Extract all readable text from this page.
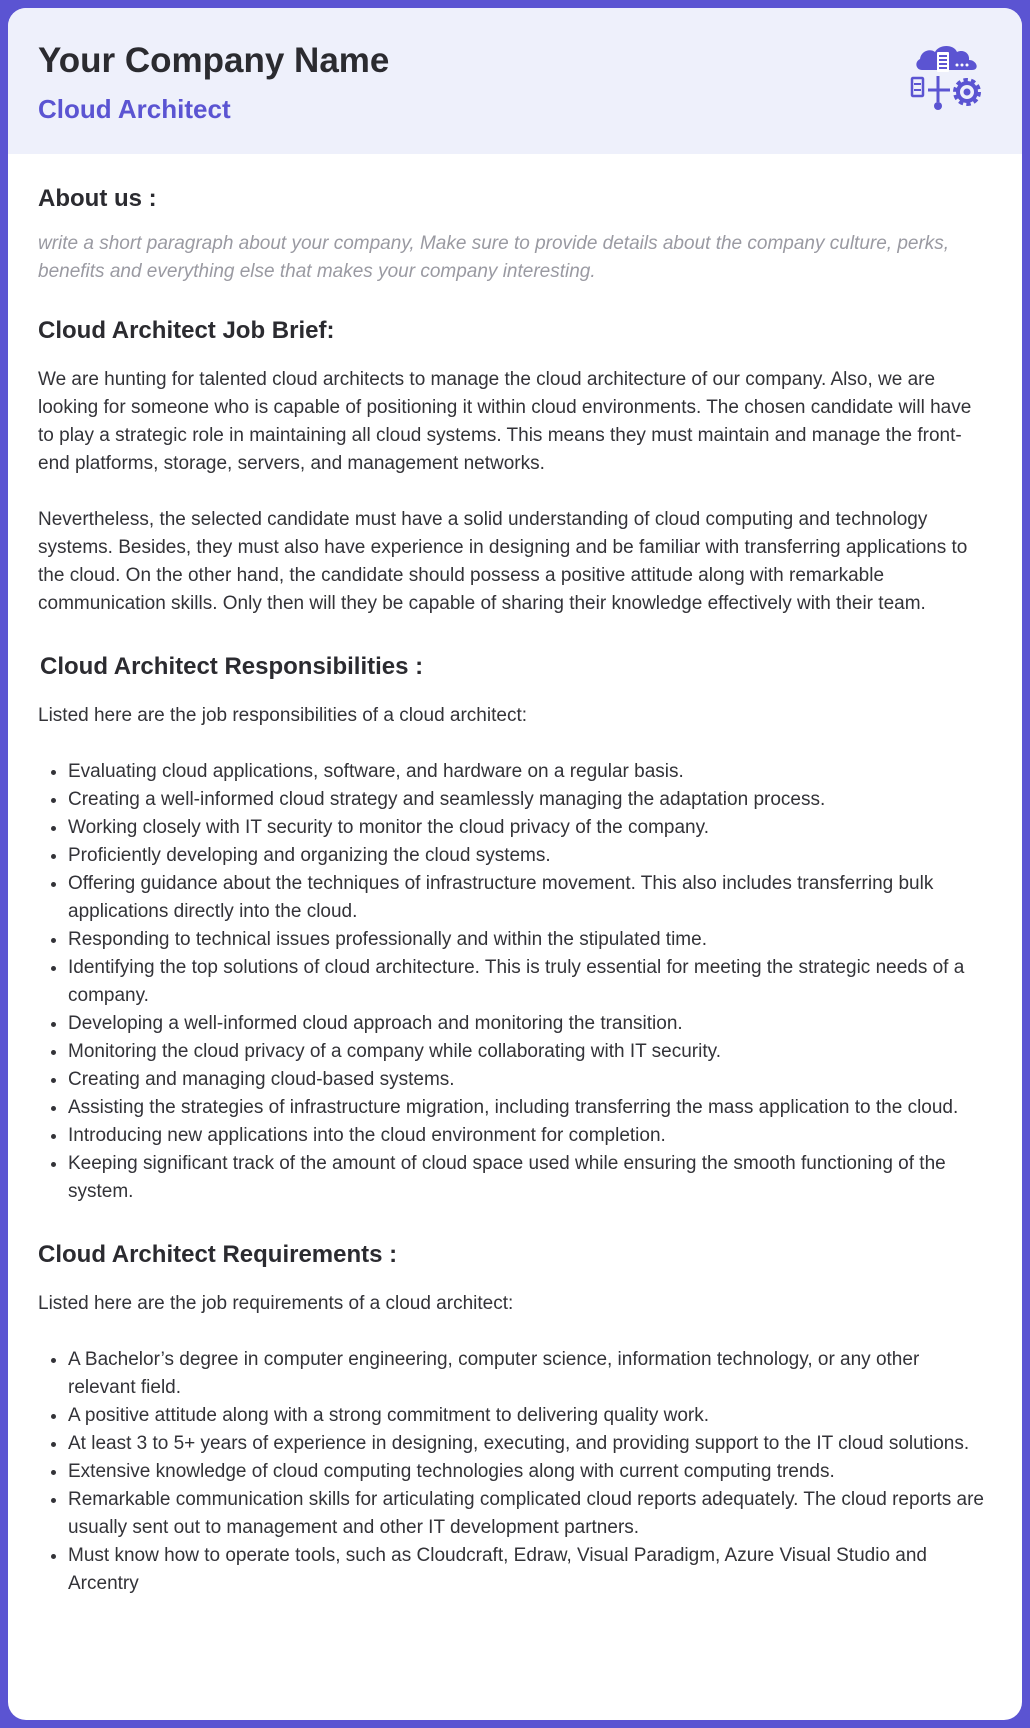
Your Company Name
Cloud Architect
About us :

write a short paragraph about your company, Make sure to provide details about the company culture, perks, benefits and everything else that makes your company interesting.

Cloud Architect Job Brief:

We are hunting for talented cloud architects to manage the cloud architecture of our company. Also, we are looking for someone who is capable of positioning it within cloud environments. The chosen candidate will have to play a strategic role in maintaining all cloud systems. This means they must maintain and manage the front-end platforms, storage, servers, and management networks.

Nevertheless, the selected candidate must have a solid understanding of cloud computing and technology systems. Besides, they must also have experience in designing and be familiar with transferring applications to the cloud. On the other hand, the candidate should possess a positive attitude along with remarkable communication skills. Only then will they be capable of sharing their knowledge effectively with their team.

Cloud Architect Responsibilities :

Listed here are the job responsibilities of a cloud architect:

• Evaluating cloud applications, software, and hardware on a regular basis.
• Creating a well-informed cloud strategy and seamlessly managing the adaptation process.
• Working closely with IT security to monitor the cloud privacy of the company.
• Proficiently developing and organizing the cloud systems.
• Offering guidance about the techniques of infrastructure movement. This also includes transferring bulk applications directly into the cloud.
• Responding to technical issues professionally and within the stipulated time.
• Identifying the top solutions of cloud architecture. This is truly essential for meeting the strategic needs of a company.
• Developing a well-informed cloud approach and monitoring the transition.
• Monitoring the cloud privacy of a company while collaborating with IT security.
• Creating and managing cloud-based systems.
• Assisting the strategies of infrastructure migration, including transferring the mass application to the cloud.
• Introducing new applications into the cloud environment for completion.
• Keeping significant track of the amount of cloud space used while ensuring the smooth functioning of the system.
Cloud Architect Requirements :

Listed here are the job requirements of a cloud architect:

• A Bachelor’s degree in computer engineering, computer science, information technology, or any other relevant field.
• A positive attitude along with a strong commitment to delivering quality work.
• At least 3 to 5+ years of experience in designing, executing, and providing support to the IT cloud solutions.
• Extensive knowledge of cloud computing technologies along with current computing trends.
• Remarkable communication skills for articulating complicated cloud reports adequately. The cloud reports are usually sent out to management and other IT development partners.
• Must know how to operate tools, such as Cloudcraft, Edraw, Visual Paradigm, Azure Visual Studio and Arcentry
